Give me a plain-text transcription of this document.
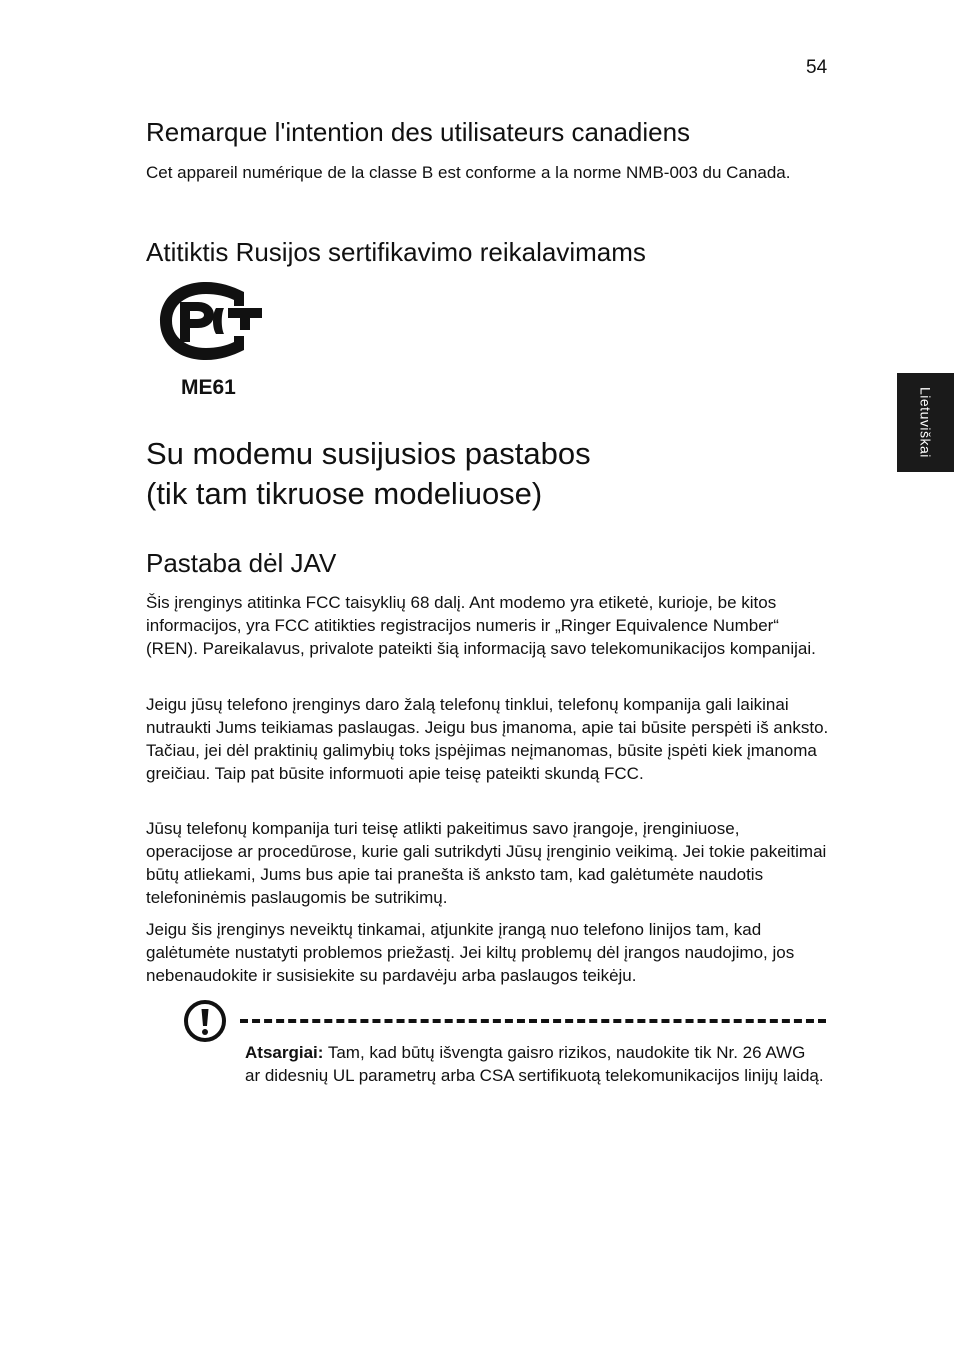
54
Lietuviškai
Remarque l'intention des utilisateurs canadiens

Cet appareil numérique de la classe B est conforme a la norme NMB-003 du Canada.

Atitiktis Rusijos sertifikavimo reikalavimams
ME61
Su modemu susijusios pastabos
(tik tam tikruose modeliuose)
Pastaba dėl JAV

Šis įrenginys atitinka FCC taisyklių 68 dalį. Ant modemo yra etiketė, kurioje, be kitos informacijos, yra FCC atitikties registracijos numeris ir „Ringer Equivalence Number“ (REN). Pareikalavus, privalote pateikti šią informaciją savo telekomunikacijos kompanijai.

Jeigu jūsų telefono įrenginys daro žalą telefonų tinklui, telefonų kompanija gali laikinai nutraukti Jums teikiamas paslaugas. Jeigu bus įmanoma, apie tai būsite perspėti iš anksto. Tačiau, jei dėl praktinių galimybių toks įspėjimas neįmanomas, būsite įspėti kiek įmanoma greičiau. Taip pat būsite informuoti apie teisę pateikti skundą FCC.

Jūsų telefonų kompanija turi teisę atlikti pakeitimus savo įrangoje, įrenginiuose, operacijose ar procedūrose, kurie gali sutrikdyti Jūsų įrenginio veikimą. Jei tokie pakeitimai būtų atliekami, Jums bus apie tai pranešta iš anksto tam, kad galėtumėte naudotis telefoninėmis paslaugomis be sutrikimų.

Jeigu šis įrenginys neveiktų tinkamai, atjunkite įrangą nuo telefono linijos tam, kad galėtumėte nustatyti problemos priežastį. Jei kiltų problemų dėl įrangos naudojimo, jos nebenaudokite ir susisiekite su pardavėju arba paslaugos teikėju.

Atsargiai: Tam, kad būtų išvengta gaisro rizikos, naudokite tik Nr. 26 AWG ar didesnių UL parametrų arba CSA sertifikuotą telekomunikacijos linijų laidą.
